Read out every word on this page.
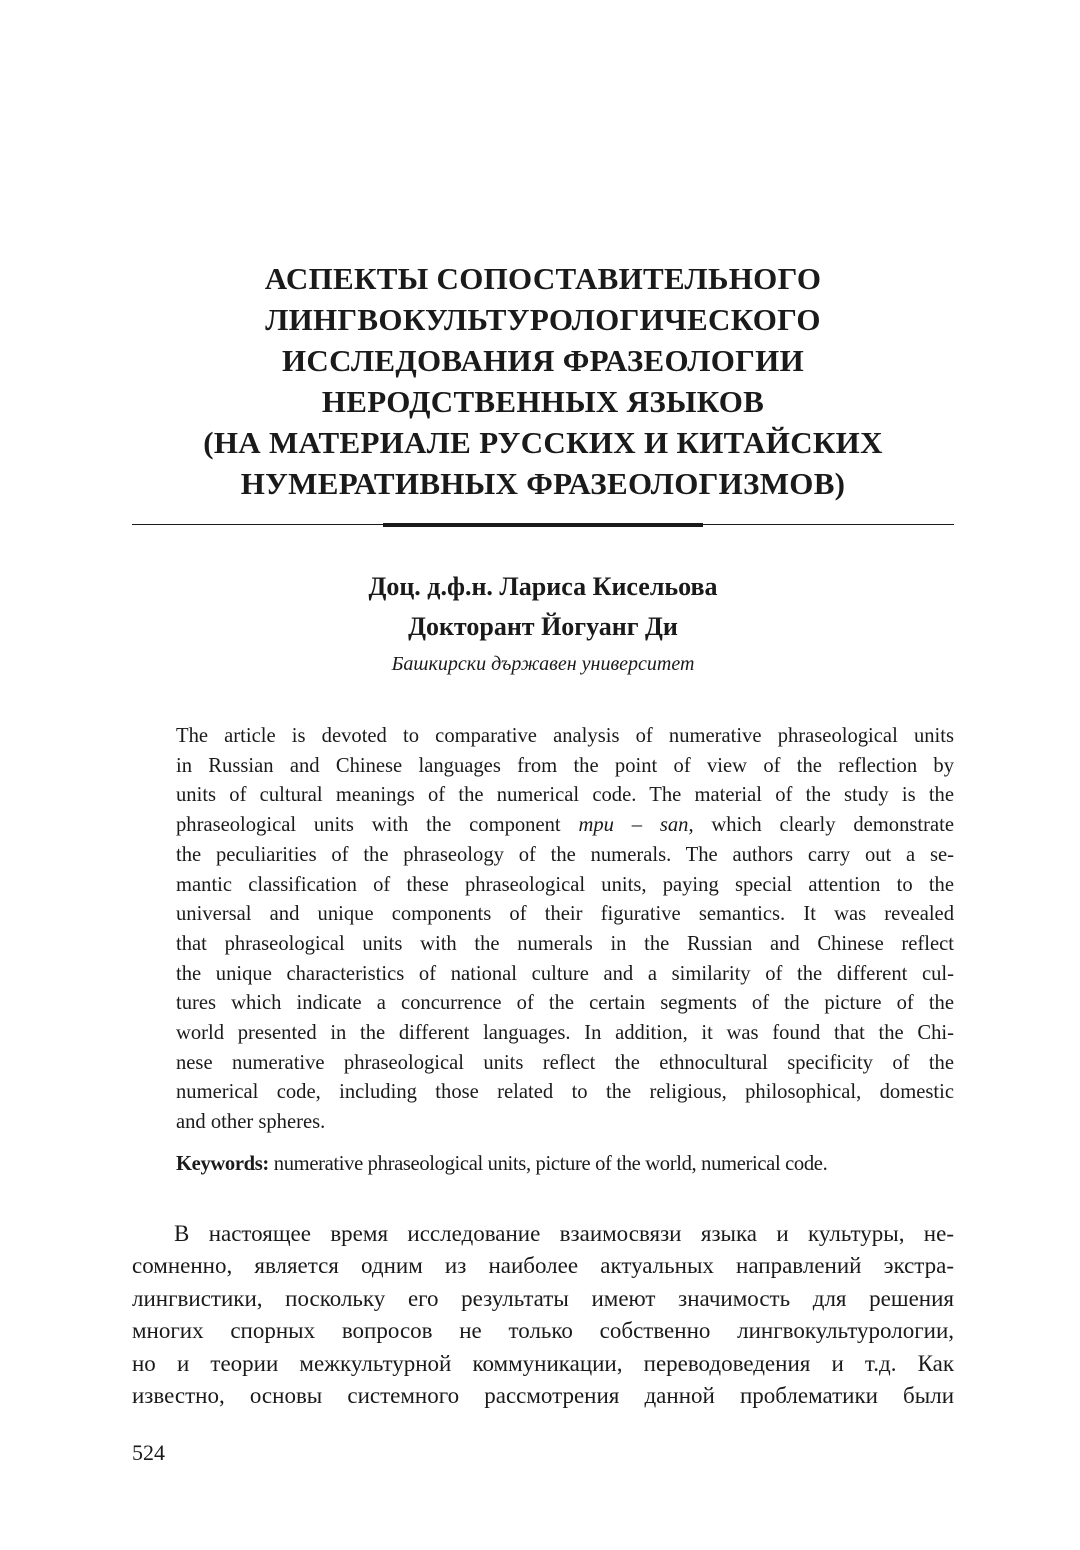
АСПЕКТЫ СОПОСТАВИТЕЛЬНОГО
ЛИНГВОКУЛЬТУРОЛОГИЧЕСКОГО
ИССЛЕДОВАНИЯ ФРАЗЕОЛОГИИ
НЕРОДСТВЕННЫХ ЯЗЫКОВ
(НА МАТЕРИАЛЕ РУССКИХ И КИТАЙСКИХ
НУМЕРАТИВНЫХ ФРАЗЕОЛОГИЗМОВ)
Доц. д.ф.н. Лариса Кисельова
Докторант Йогуанг Ди
Башкирски държавен университет
The article is devoted to comparative analysis of numerative phraseological units
in Russian and Chinese languages from the point of view of the reflection by
units of cultural meanings of the numerical code. The material of the study is the
phraseological units with the component три – san, which clearly demonstrate
the peculiarities of the phraseology of the numerals. The authors carry out a se-
mantic classification of these phraseological units, paying special attention to the
universal and unique components of their figurative semantics. It was revealed
that phraseological units with the numerals in the Russian and Chinese reflect
the unique characteristics of national culture and a similarity of the different cul-
tures which indicate a concurrence of the certain segments of the picture of the
world presented in the different languages. In addition, it was found that the Chi-
nese numerative phraseological units reflect the ethnocultural specificity of the
numerical code, including those related to the religious, philosophical, domestic
and other spheres.
Keywords: numerative phraseological units, picture of the world, numerical code.
В настоящее время исследование взаимосвязи языка и культуры, не-
сомненно, является одним из наиболее актуальных направлений экстра-
лингвистики, поскольку его результаты имеют значимость для решения
многих спорных вопросов не только собственно лингвокультурологии,
но и теории межкультурной коммуникации, переводоведения и т.д. Как
известно, основы системного рассмотрения данной проблематики были
524
